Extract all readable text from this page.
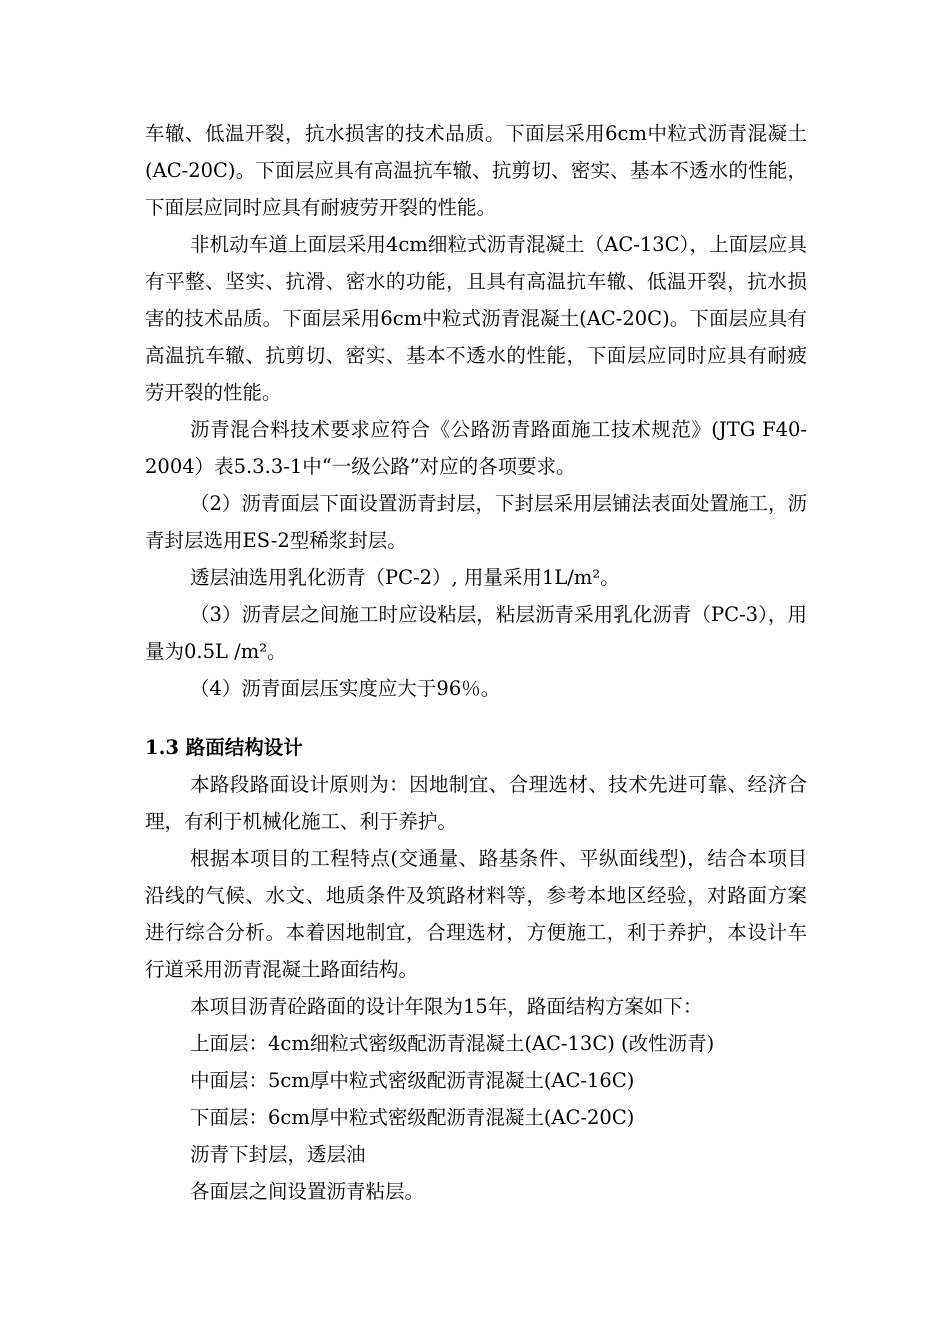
车辙、低温开裂，抗水损害的技术品质。下面层采用6cm中粒式沥青混凝土(AC-20C)。下面层应具有高温抗车辙、抗剪切、密实、基本不透水的性能，下面层应同时应具有耐疲劳开裂的性能。

非机动车道上面层采用4cm细粒式沥青混凝土（AC-13C），上面层应具有平整、坚实、抗滑、密水的功能，且具有高温抗车辙、低温开裂，抗水损害的技术品质。下面层采用6cm中粒式沥青混凝土(AC-20C)。下面层应具有高温抗车辙、抗剪切、密实、基本不透水的性能，下面层应同时应具有耐疲劳开裂的性能。

沥青混合料技术要求应符合《公路沥青路面施工技术规范》(JTG F40-2004）表5.3.3-1中“一级公路”对应的各项要求。

（2）沥青面层下面设置沥青封层，下封层采用层铺法表面处置施工，沥青封层选用ES-2型稀浆封层。

透层油选用乳化沥青（PC-2）, 用量采用1L/m²。

（3）沥青层之间施工时应设粘层，粘层沥青采用乳化沥青（PC-3），用量为0.5L /m²。

（4）沥青面层压实度应大于96％。

1.3 路面结构设计

本路段路面设计原则为：因地制宜、合理选材、技术先进可靠、经济合理，有利于机械化施工、利于养护。

根据本项目的工程特点(交通量、路基条件、平纵面线型)，结合本项目沿线的气候、水文、地质条件及筑路材料等，参考本地区经验，对路面方案进行综合分析。本着因地制宜，合理选材，方便施工，利于养护，本设计车行道采用沥青混凝土路面结构。

本项目沥青砼路面的设计年限为15年，路面结构方案如下：

上面层：4cm细粒式密级配沥青混凝土(AC-13C) (改性沥青)

中面层：5cm厚中粒式密级配沥青混凝土(AC-16C)

下面层：6cm厚中粒式密级配沥青混凝土(AC-20C)

沥青下封层，透层油

各面层之间设置沥青粘层。
